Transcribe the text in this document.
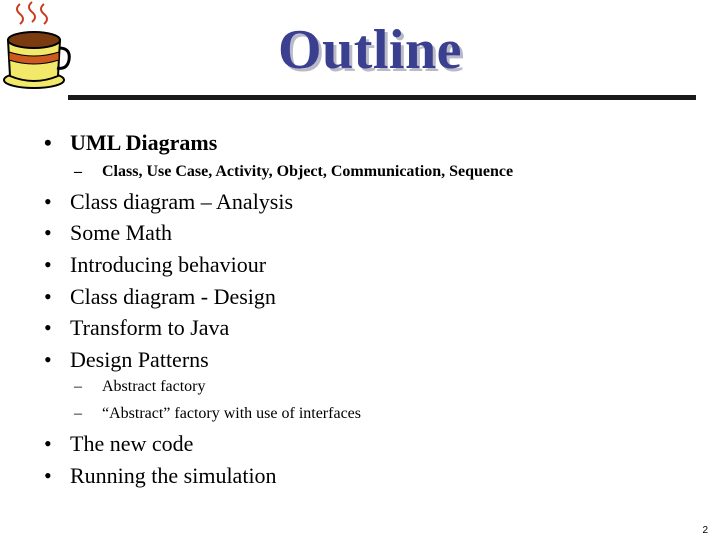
Outline
• UML Diagrams
– Class, Use Case, Activity, Object, Communication, Sequence
• Class diagram – Analysis
• Some Math
• Introducing behaviour
• Class diagram - Design
• Transform to Java
• Design Patterns
– Abstract factory
– “Abstract” factory with use of interfaces
• The new code
• Running the simulation
2
